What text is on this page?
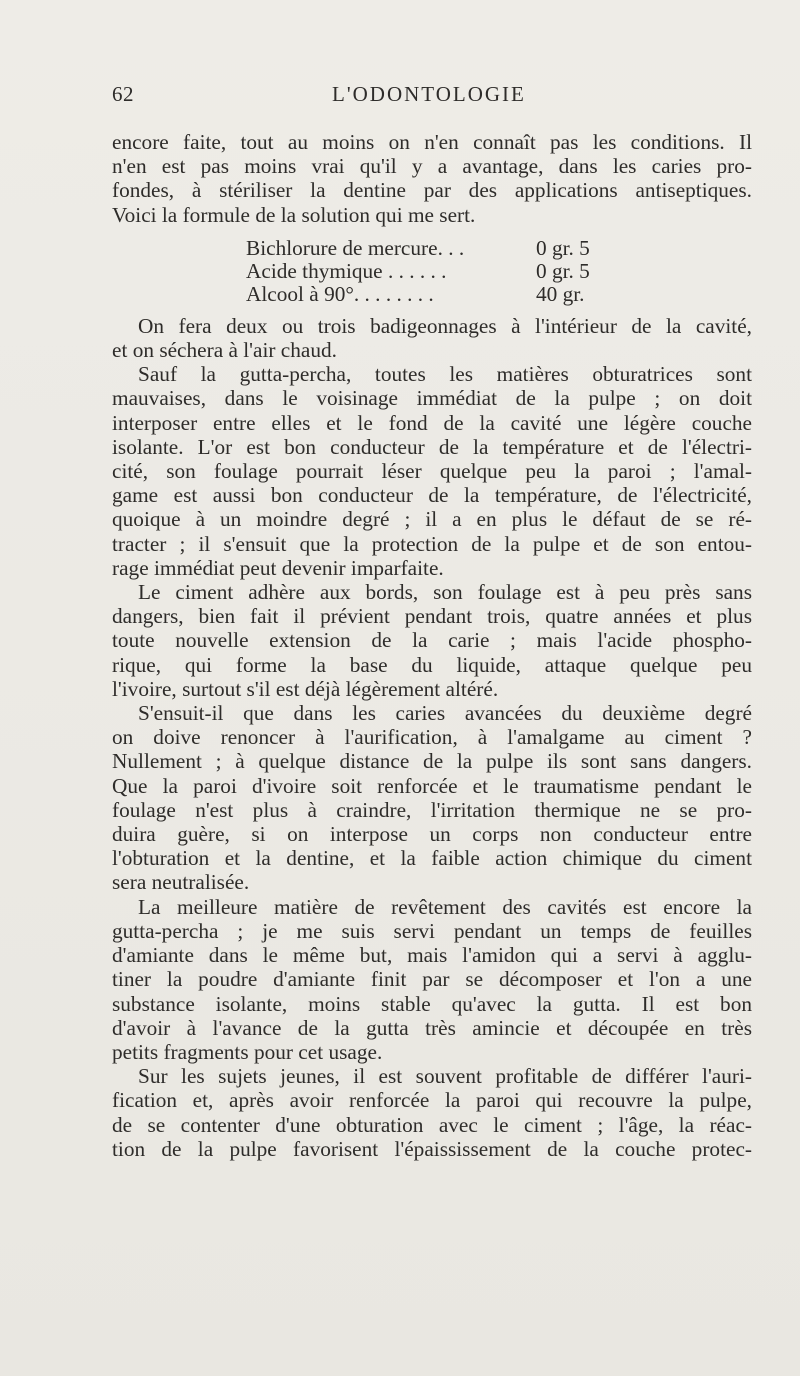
62	L'ODONTOLOGIE

encore faite, tout au moins on n'en connaît pas les conditions. Il
n'en est pas moins vrai qu'il y a avantage, dans les caries pro-
fondes, à stériliser la dentine par des applications antiseptiques.
Voici la formule de la solution qui me sert.

Bichlorure de mercure. . .	0 gr. 5
Acide thymique . . . . . .	0 gr. 5
Alcool à 90°. . . . . . . .	40 gr.

On fera deux ou trois badigeonnages à l'intérieur de la cavité,
et on séchera à l'air chaud.

Sauf la gutta-percha, toutes les matières obturatrices sont
mauvaises, dans le voisinage immédiat de la pulpe ; on doit
interposer entre elles et le fond de la cavité une légère couche
isolante. L'or est bon conducteur de la température et de l'électri-
cité, son foulage pourrait léser quelque peu la paroi ; l'amal-
game est aussi bon conducteur de la température, de l'électricité,
quoique à un moindre degré ; il a en plus le défaut de se ré-
tracter ; il s'ensuit que la protection de la pulpe et de son entou-
rage immédiat peut devenir imparfaite.

Le ciment adhère aux bords, son foulage est à peu près sans
dangers, bien fait il prévient pendant trois, quatre années et plus
toute nouvelle extension de la carie ; mais l'acide phospho-
rique, qui forme la base du liquide, attaque quelque peu
l'ivoire, surtout s'il est déjà légèrement altéré.

S'ensuit-il que dans les caries avancées du deuxième degré
on doive renoncer à l'aurification, à l'amalgame au ciment ?
Nullement ; à quelque distance de la pulpe ils sont sans dangers.
Que la paroi d'ivoire soit renforcée et le traumatisme pendant le
foulage n'est plus à craindre, l'irritation thermique ne se pro-
duira guère, si on interpose un corps non conducteur entre
l'obturation et la dentine, et la faible action chimique du ciment
sera neutralisée.

La meilleure matière de revêtement des cavités est encore la
gutta-percha ; je me suis servi pendant un temps de feuilles
d'amiante dans le même but, mais l'amidon qui a servi à agglu-
tiner la poudre d'amiante finit par se décomposer et l'on a une
substance isolante, moins stable qu'avec la gutta. Il est bon
d'avoir à l'avance de la gutta très amincie et découpée en très
petits fragments pour cet usage.

Sur les sujets jeunes, il est souvent profitable de différer l'auri-
fication et, après avoir renforcée la paroi qui recouvre la pulpe,
de se contenter d'une obturation avec le ciment ; l'âge, la réac-
tion de la pulpe favorisent l'épaississement de la couche protec-
